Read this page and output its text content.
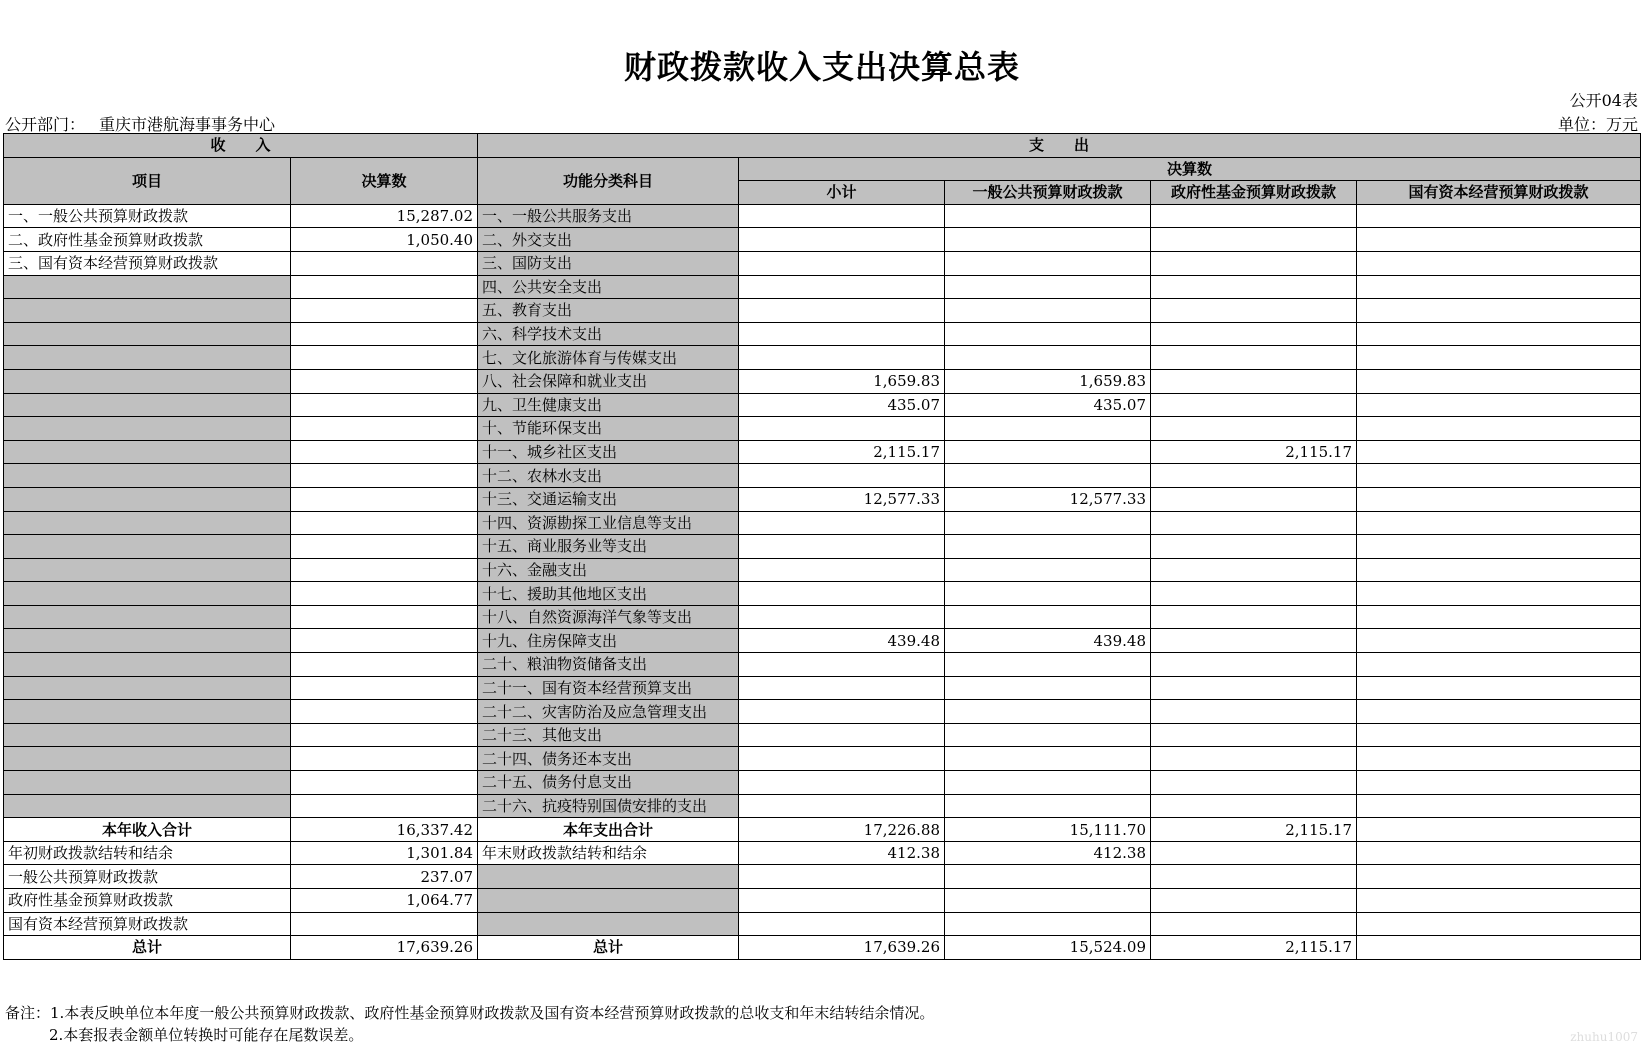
财政拨款收入支出决算总表
公开04表
公开部门： 重庆市港航海事事务中心	单位：万元
收　　入		支　　出				
项目	决算数	功能分类科目	决算数			
			小计	一般公共预算财政拨款	政府性基金预算财政拨款	国有资本经营预算财政拨款
一、一般公共预算财政拨款	15,287.02	一、一般公共服务支出				
二、政府性基金预算财政拨款	1,050.40	二、外交支出				
三、国有资本经营预算财政拨款		三、国防支出				
		四、公共安全支出				
		五、教育支出				
		六、科学技术支出				
		七、文化旅游体育与传媒支出				
		八、社会保障和就业支出	1,659.83	1,659.83		
		九、卫生健康支出	435.07	435.07		
		十、节能环保支出				
		十一、城乡社区支出	2,115.17		2,115.17	
		十二、农林水支出				
		十三、交通运输支出	12,577.33	12,577.33		
		十四、资源勘探工业信息等支出				
		十五、商业服务业等支出				
		十六、金融支出				
		十七、援助其他地区支出				
		十八、自然资源海洋气象等支出				
		十九、住房保障支出	439.48	439.48		
		二十、粮油物资储备支出				
		二十一、国有资本经营预算支出				
		二十二、灾害防治及应急管理支出				
		二十三、其他支出				
		二十四、债务还本支出				
		二十五、债务付息支出				
		二十六、抗疫特别国债安排的支出				
本年收入合计	16,337.42	本年支出合计	17,226.88	15,111.70	2,115.17	
年初财政拨款结转和结余	1,301.84	年末财政拨款结转和结余	412.38	412.38		
一般公共预算财政拨款	237.07					
政府性基金预算财政拨款	1,064.77					
国有资本经营预算财政拨款						
总计	17,639.26	总计	17,639.26	15,524.09	2,115.17	
备注：1.本表反映单位本年度一般公共预算财政拨款、政府性基金预算财政拨款及国有资本经营预算财政拨款的总收支和年末结转结余情况。
2.本套报表金额单位转换时可能存在尾数误差。	zhuhu1007
